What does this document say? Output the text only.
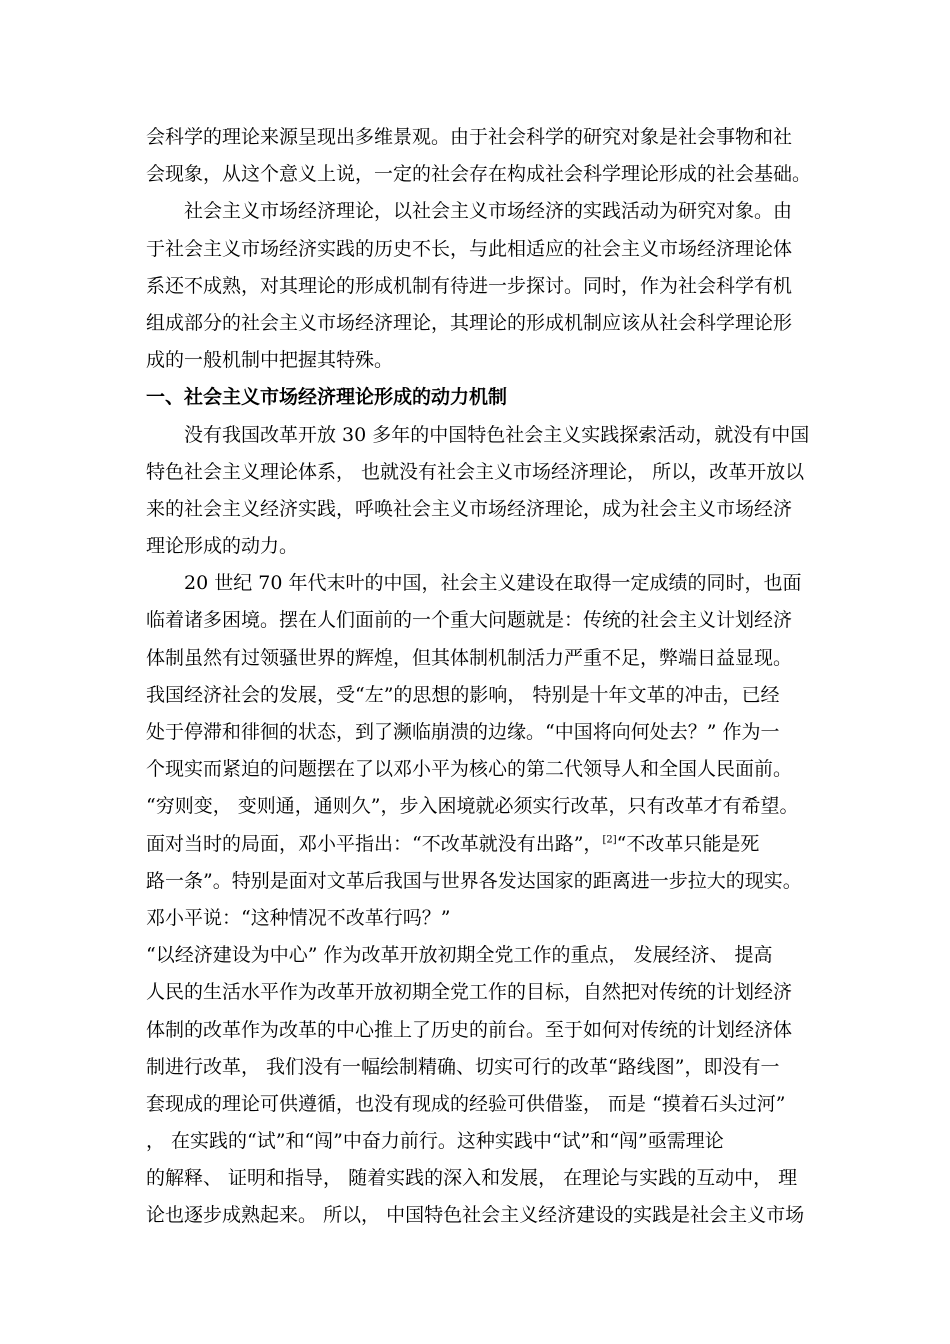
会科学的理论来源呈现出多维景观。由于社会科学的研究对象是社会事物和社
会现象，从这个意义上说，一定的社会存在构成社会科学理论形成的社会基础。
社会主义市场经济理论，以社会主义市场经济的实践活动为研究对象。由
于社会主义市场经济实践的历史不长，与此相适应的社会主义市场经济理论体
系还不成熟，对其理论的形成机制有待进一步探讨。同时，作为社会科学有机
组成部分的社会主义市场经济理论，其理论的形成机制应该从社会科学理论形
成的一般机制中把握其特殊。
一、社会主义市场经济理论形成的动力机制
没有我国改革开放 30 多年的中国特色社会主义实践探索活动，就没有中国
特色社会主义理论体系， 也就没有社会主义市场经济理论， 所以，改革开放以
来的社会主义经济实践，呼唤社会主义市场经济理论，成为社会主义市场经济
理论形成的动力。
20 世纪 70 年代末叶的中国，社会主义建设在取得一定成绩的同时，也面
临着诸多困境。摆在人们面前的一个重大问题就是：传统的社会主义计划经济
体制虽然有过领骚世界的辉煌，但其体制机制活力严重不足，弊端日益显现。
我国经济社会的发展，受“左”的思想的影响， 特别是十年文革的冲击，已经
处于停滞和徘徊的状态，到了濒临崩溃的边缘。“中国将向何处去？” 作为一
个现实而紧迫的问题摆在了以邓小平为核心的第二代领导人和全国人民面前。
“穷则变， 变则通，通则久”，步入困境就必须实行改革，只有改革才有希望。
面对当时的局面，邓小平指出：“不改革就没有出路”，[2]“不改革只能是死
路一条”。特别是面对文革后我国与世界各发达国家的距离进一步拉大的现实。
邓小平说：“这种情况不改革行吗？”
“以经济建设为中心” 作为改革开放初期全党工作的重点， 发展经济、 提高
人民的生活水平作为改革开放初期全党工作的目标，自然把对传统的计划经济
体制的改革作为改革的中心推上了历史的前台。至于如何对传统的计划经济体
制进行改革， 我们没有一幅绘制精确、切实可行的改革“路线图”，即没有一
套现成的理论可供遵循，也没有现成的经验可供借鉴， 而是 “摸着石头过河”
， 在实践的“试”和“闯”中奋力前行。这种实践中“试”和“闯”亟需理论
的解释、 证明和指导， 随着实践的深入和发展， 在理论与实践的互动中， 理
论也逐步成熟起来。 所以， 中国特色社会主义经济建设的实践是社会主义市场
